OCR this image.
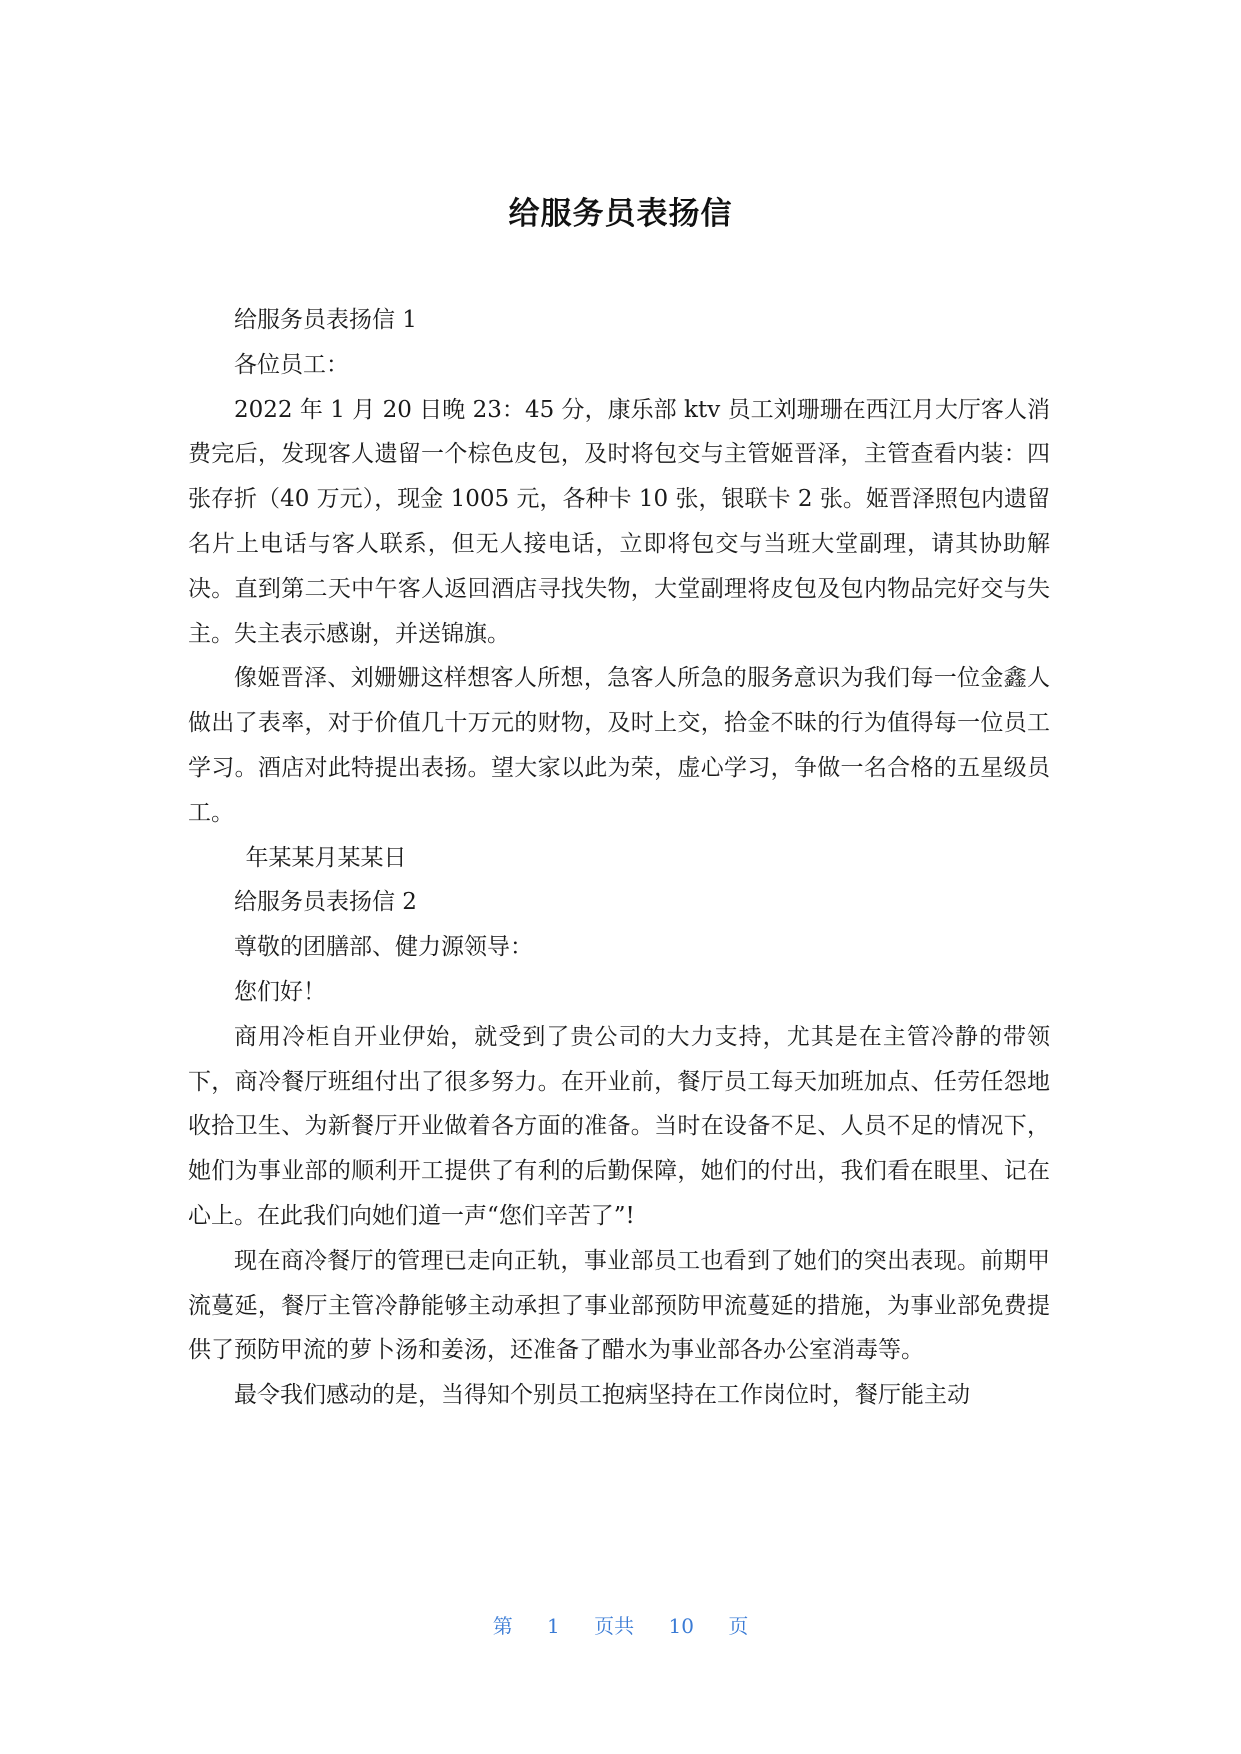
给服务员表扬信

给服务员表扬信 1

各位员工：

2022 年 1 月 20 日晚 23：45 分，康乐部 ktv 员工刘珊珊在西江月大厅客人消费完后，发现客人遗留一个棕色皮包，及时将包交与主管姬晋泽，主管查看内装：四张存折（40 万元），现金 1005 元，各种卡 10 张，银联卡 2 张。姬晋泽照包内遗留名片上电话与客人联系，但无人接电话，立即将包交与当班大堂副理，请其协助解决。直到第二天中午客人返回酒店寻找失物，大堂副理将皮包及包内物品完好交与失主。失主表示感谢，并送锦旗。

像姬晋泽、刘姗姗这样想客人所想，急客人所急的服务意识为我们每一位金鑫人做出了表率，对于价值几十万元的财物，及时上交，拾金不昧的行为值得每一位员工学习。酒店对此特提出表扬。望大家以此为荣，虚心学习，争做一名合格的五星级员工。

年某某月某某日

给服务员表扬信 2

尊敬的团膳部、健力源领导：

您们好！

商用冷柜自开业伊始，就受到了贵公司的大力支持，尤其是在主管冷静的带领下，商冷餐厅班组付出了很多努力。在开业前，餐厅员工每天加班加点、任劳任怨地收拾卫生、为新餐厅开业做着各方面的准备。当时在设备不足、人员不足的情况下，她们为事业部的顺利开工提供了有利的后勤保障，她们的付出，我们看在眼里、记在心上。在此我们向她们道一声“您们辛苦了”!

现在商冷餐厅的管理已走向正轨，事业部员工也看到了她们的突出表现。前期甲流蔓延，餐厅主管冷静能够主动承担了事业部预防甲流蔓延的措施，为事业部免费提供了预防甲流的萝卜汤和姜汤，还准备了醋水为事业部各办公室消毒等。

最令我们感动的是，当得知个别员工抱病坚持在工作岗位时，餐厅能主动

第 1 页共 10 页
